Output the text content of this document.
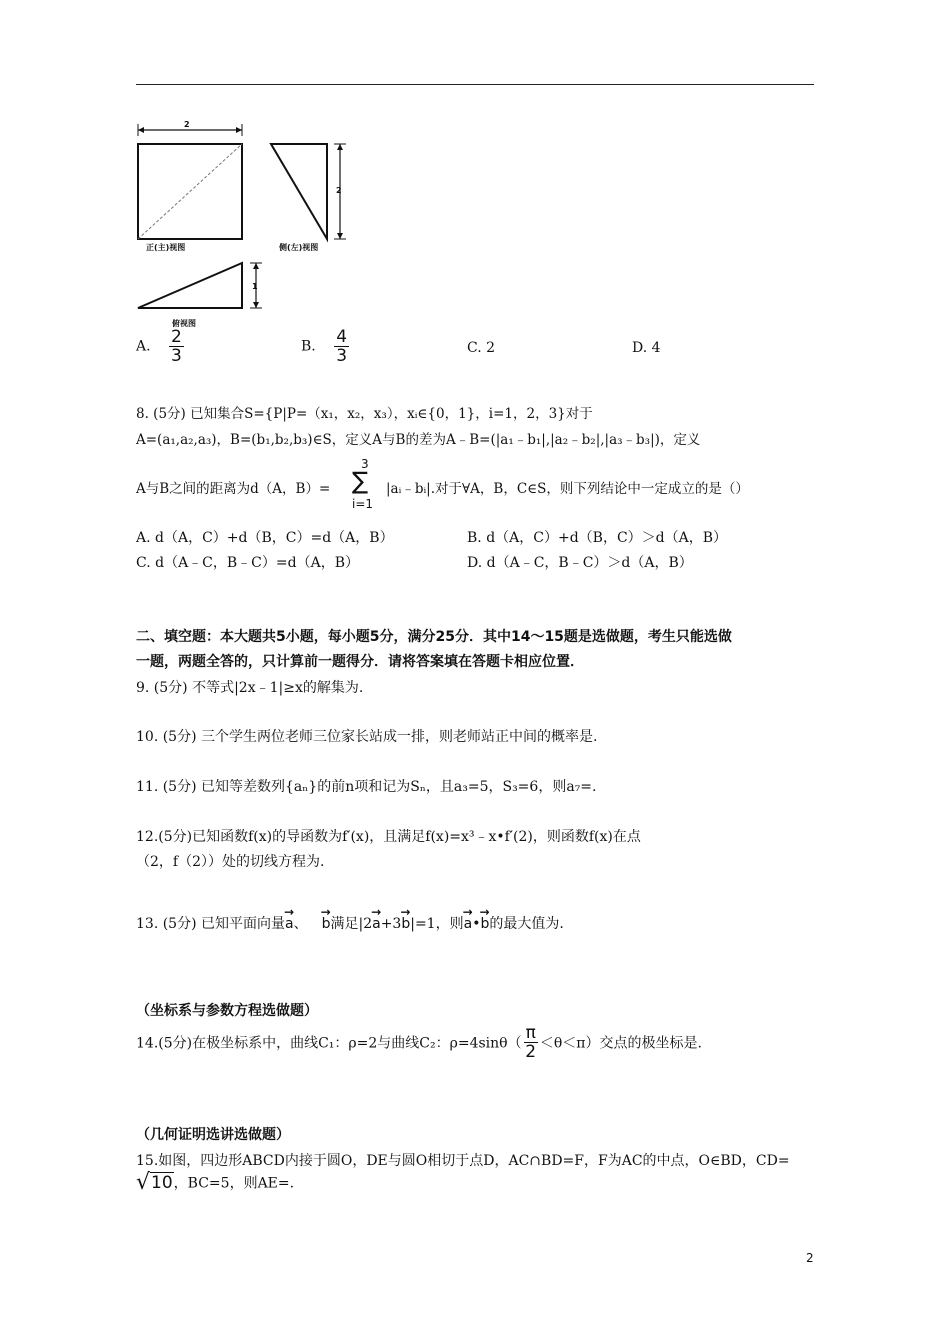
2
2
1
正(主)视图	侧(左)视图
俯视图
A. $\frac{2}{3}$	B. $\frac{4}{3}$	C. 2	D. 4
8. (5分) 已知集合S={P|P=（x₁，x₂，x₃），xᵢ∈{0，1}，i=1，2，3}对于
A=(a₁,a₂,a₃)，B=(b₁,b₂,b₃)∈S，定义A与B的差为A﹣B=(|a₁﹣b₁|,|a₂﹣b₂|,|a₃﹣b₃|)，定义
A与B之间的距离为d（A，B）=
3
∑
i=1
|aᵢ﹣bᵢ|.对于∀A，B，C∈S，则下列结论中一定成立的是（）
A. d（A，C）+d（B，C）=d（A，B）	B. d（A，C）+d（B，C）＞d（A，B）
C. d（A﹣C，B﹣C）=d（A，B）	D. d（A﹣C，B﹣C）＞d（A，B）
二、填空题：本大题共5小题，每小题5分，满分25分．其中14～15题是选做题，考生只能选做
一题，两题全答的，只计算前一题得分．请将答案填在答题卡相应位置．
9. (5分) 不等式|2x﹣1|≥x的解集为.
10. (5分) 三个学生两位老师三位家长站成一排，则老师站正中间的概率是.
11. (5分) 已知等差数列{aₙ}的前n项和记为Sₙ，且a₃=5，S₃=6，则a₇=.
12.(5分)已知函数f(x)的导函数为f′(x)，且满足f(x)=x³﹣x•f′(2)，则函数f(x)在点
（2，f（2））处的切线方程为.
13. (5分) 已知平面向量→ a、→ b满足|2→ a+3→ b|=1，则→ a•→ b的最大值为.
（坐标系与参数方程选做题）
14.(5分)在极坐标系中，曲线C₁：ρ=2与曲线C₂：$\rho=4\sin\theta( \frac{\pi}{2} <\theta<\pi)$交点的极坐标是.
（几何证明选讲选做题）
15.如图，四边形ABCD内接于圆O，DE与圆O相切于点D，AC∩BD=F，F为AC的中点，O∈BD，CD=
√10，BC=5，则AE=.
2
